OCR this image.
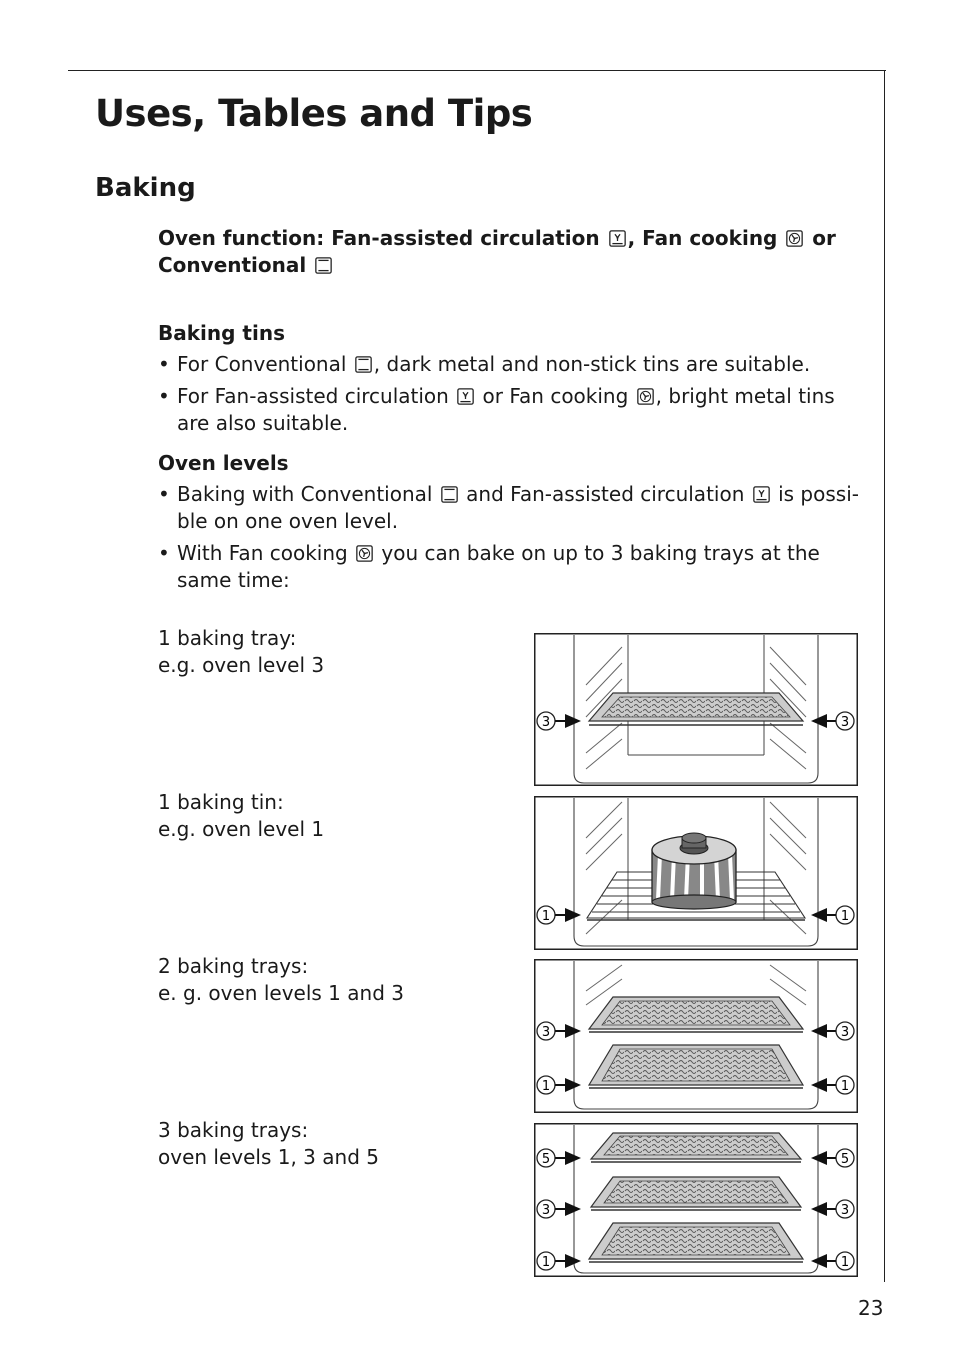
Uses, Tables and Tips
Baking
Oven function: Fan-assisted circulation , Fan cooking  or
Conventional
Baking tins
• For Conventional , dark metal and non-stick tins are suitable.
• For Fan-assisted circulation  or Fan cooking , bright metal tins are also suitable.
Oven levels
• Baking with Conventional  and Fan-assisted circulation  is possi-ble on one oven level.
• With Fan cooking  you can bake on up to 3 baking trays at the same time:
1 baking tray:
e.g. oven level 3
1 baking tin:
e.g. oven level 1
2 baking trays:
e. g. oven levels 1 and 3
3 baking trays:
oven levels 1, 3 and 5
3	3
1	1
3	3
1	1
5	5
3	3
1	1
23
